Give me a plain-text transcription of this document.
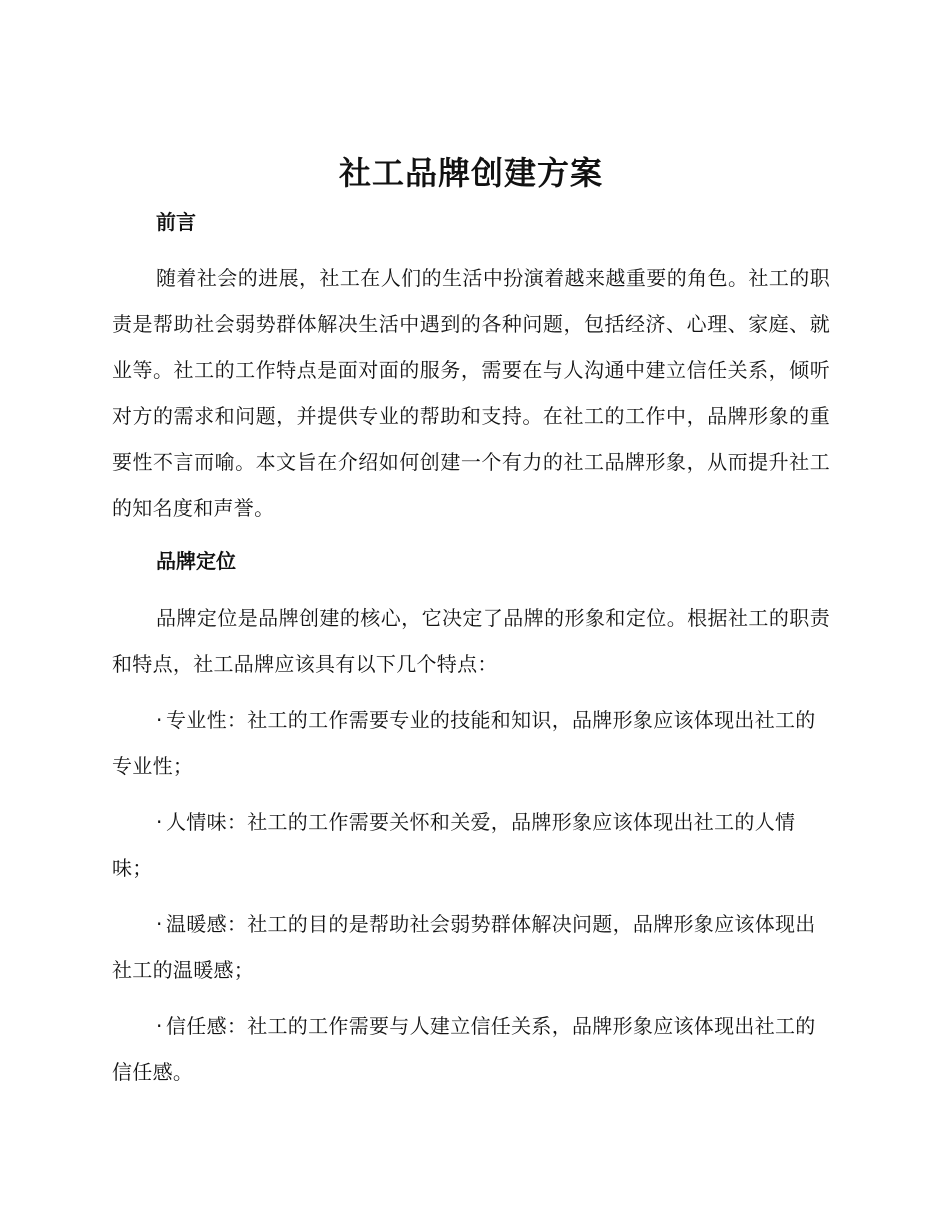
社工品牌创建方案
前言

随着社会的进展，社工在人们的生活中扮演着越来越重要的角色。社工的职责是帮助社会弱势群体解决生活中遇到的各种问题，包括经济、心理、家庭、就业等。社工的工作特点是面对面的服务，需要在与人沟通中建立信任关系，倾听对方的需求和问题，并提供专业的帮助和支持。在社工的工作中，品牌形象的重要性不言而喻。本文旨在介绍如何创建一个有力的社工品牌形象，从而提升社工的知名度和声誉。

品牌定位

品牌定位是品牌创建的核心，它决定了品牌的形象和定位。根据社工的职责和特点，社工品牌应该具有以下几个特点：

· 专业性：社工的工作需要专业的技能和知识，品牌形象应该体现出社工的专业性；

· 人情味：社工的工作需要关怀和关爱，品牌形象应该体现出社工的人情味；

· 温暖感：社工的目的是帮助社会弱势群体解决问题，品牌形象应该体现出社工的温暖感；

· 信任感：社工的工作需要与人建立信任关系，品牌形象应该体现出社工的信任感。
